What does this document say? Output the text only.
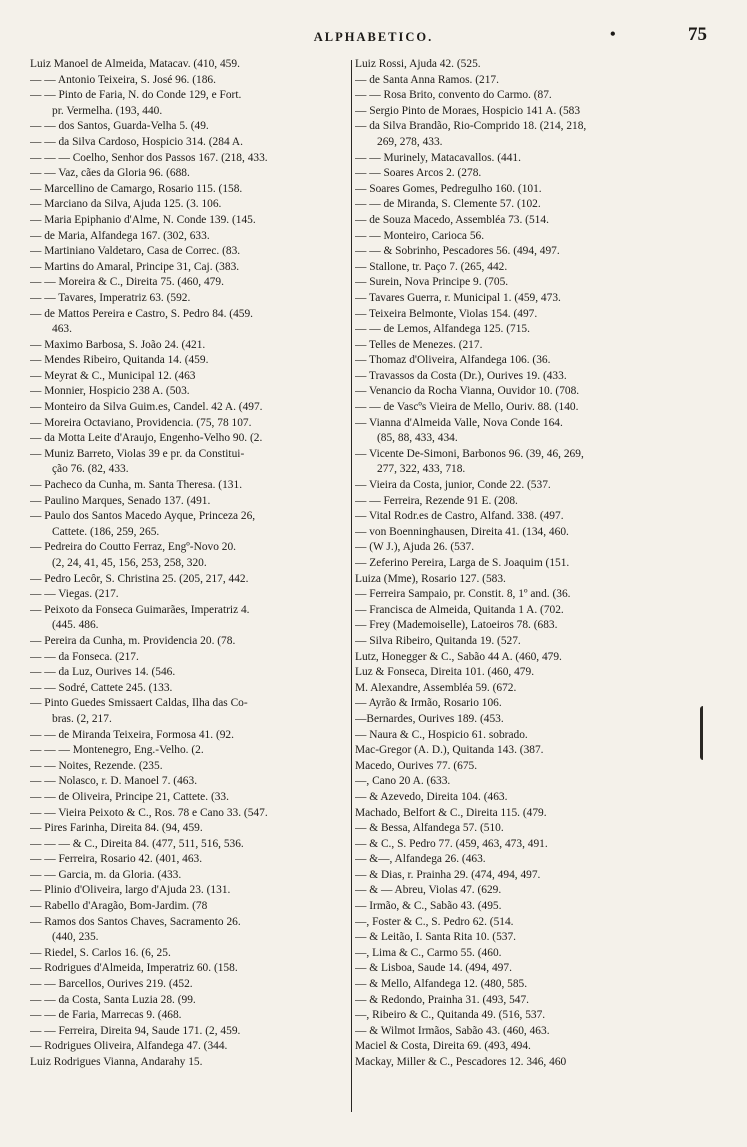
ALPHABETICO.	•	75
Luiz Manoel de Almeida, Matacav. (410, 459.
— — Antonio Teixeira, S. José 96. (186.
— — Pinto de Faria, N. do Conde 129, e Fort.
pr. Vermelha. (193, 440.
— — dos Santos, Guarda-Velha 5. (49.
— — da Silva Cardoso, Hospicio 314. (284 A.
— — — Coelho, Senhor dos Passos 167. (218, 433.
— — Vaz, cães da Gloria 96. (688.
— Marcellino de Camargo, Rosario 115. (158.
— Marciano da Silva, Ajuda 125. (3. 106.
— Maria Epiphanio d'Alme, N. Conde 139. (145.
— de Maria, Alfandega 167. (302, 633.
— Martiniano Valdetaro, Casa de Correc. (83.
— Martins do Amaral, Principe 31, Caj. (383.
— — Moreira & C., Direita 75. (460, 479.
— — Tavares, Imperatriz 63. (592.
— de Mattos Pereira e Castro, S. Pedro 84. (459.
463.
— Maximo Barbosa, S. João 24. (421.
— Mendes Ribeiro, Quitanda 14. (459.
— Meyrat & C., Municipal 12. (463
— Monnier, Hospicio 238 A. (503.
— Monteiro da Silva Guim.es, Candel. 42 A. (497.
— Moreira Octaviano, Providencia. (75, 78 107.
— da Motta Leite d'Araujo, Engenho-Velho 90. (2.
— Muniz Barreto, Violas 39 e pr. da Constitui-
ção 76. (82, 433.
— Pacheco da Cunha, m. Santa Theresa. (131.
— Paulino Marques, Senado 137. (491.
— Paulo dos Santos Macedo Ayque, Princeza 26,
Cattete. (186, 259, 265.
— Pedreira do Coutto Ferraz, Engº-Novo 20.
(2, 24, 41, 45, 156, 253, 258, 320.
— Pedro Lecôr, S. Christina 25. (205, 217, 442.
— — Viegas. (217.
— Peixoto da Fonseca Guimarães, Imperatriz 4.
(445. 486.
— Pereira da Cunha, m. Providencia 20. (78.
— — da Fonseca. (217.
— — da Luz, Ourives 14. (546.
— — Sodré, Cattete 245. (133.
— Pinto Guedes Smissaert Caldas, Ilha das Co-
bras. (2, 217.
— — de Miranda Teixeira, Formosa 41. (92.
— — — Montenegro, Eng.-Velho. (2.
— — Noites, Rezende. (235.
— — Nolasco, r. D. Manoel 7. (463.
— — de Oliveira, Principe 21, Cattete. (33.
— — Vieira Peixoto & C., Ros. 78 e Cano 33. (547.
— Pires Farinha, Direita 84. (94, 459.
— — — & C., Direita 84. (477, 511, 516, 536.
— — Ferreira, Rosario 42. (401, 463.
— — Garcia, m. da Gloria. (433.
— Plinio d'Oliveira, largo d'Ajuda 23. (131.
— Rabello d'Aragão, Bom-Jardim. (78
— Ramos dos Santos Chaves, Sacramento 26.
(440, 235.
— Riedel, S. Carlos 16. (6, 25.
— Rodrigues d'Almeida, Imperatriz 60. (158.
— — Barcellos, Ourives 219. (452.
— — da Costa, Santa Luzia 28. (99.
— — de Faria, Marrecas 9. (468.
— — Ferreira, Direita 94, Saude 171. (2, 459.
— Rodrigues Oliveira, Alfandega 47. (344.
Luiz Rodrigues Vianna, Andarahy 15.
Luiz Rossi, Ajuda 42. (525.
— de Santa Anna Ramos. (217.
— — Rosa Brito, convento do Carmo. (87.
— Sergio Pinto de Moraes, Hospicio 141 A. (583
— da Silva Brandão, Rio-Comprido 18. (214, 218,
269, 278, 433.
— — Murinely, Matacavallos. (441.
— — Soares Arcos 2. (278.
— Soares Gomes, Pedregulho 160. (101.
— — de Miranda, S. Clemente 57. (102.
— de Souza Macedo, Assembléa 73. (514.
— — Monteiro, Carioca 56.
— — & Sobrinho, Pescadores 56. (494, 497.
— Stallone, tr. Paço 7. (265, 442.
— Surein, Nova Principe 9. (705.
— Tavares Guerra, r. Municipal 1. (459, 473.
— Teixeira Belmonte, Violas 154. (497.
— — de Lemos, Alfandega 125. (715.
— Telles de Menezes. (217.
— Thomaz d'Oliveira, Alfandega 106. (36.
— Travassos da Costa (Dr.), Ourives 19. (433.
— Venancio da Rocha Vianna, Ouvidor 10. (708.
— — de Vascºs Vieira de Mello, Ouriv. 88. (140.
— Vianna d'Almeida Valle, Nova Conde 164.
(85, 88, 433, 434.
— Vicente De-Simoni, Barbonos 96. (39, 46, 269,
277, 322, 433, 718.
— Vieira da Costa, junior, Conde 22. (537.
— — Ferreira, Rezende 91 E. (208.
— Vital Rodr.es de Castro, Alfand. 338. (497.
— von Boenninghausen, Direita 41. (134, 460.
— (W J.), Ajuda 26. (537.
— Zeferino Pereira, Larga de S. Joaquim (151.
Luiza (Mme), Rosario 127. (583.
— Ferreira Sampaio, pr. Constit. 8, 1º and. (36.
— Francisca de Almeida, Quitanda 1 A. (702.
— Frey (Mademoiselle), Latoeiros 78. (683.
— Silva Ribeiro, Quitanda 19. (527.
Lutz, Honegger & C., Sabão 44 A. (460, 479.
Luz & Fonseca, Direita 101. (460, 479.
M. Alexandre, Assembléa 59. (672.
— Ayrão & Irmão, Rosario 106.
—Bernardes, Ourives 189. (453.
— Naura & C., Hospicio 61. sobrado.
Mac-Gregor (A. D.), Quitanda 143. (387.
Macedo, Ourives 77. (675.
—, Cano 20 A. (633.
— & Azevedo, Direita 104. (463.
Machado, Belfort & C., Direita 115. (479.
— & Bessa, Alfandega 57. (510.
— & C., S. Pedro 77. (459, 463, 473, 491.
— &—, Alfandega 26. (463.
— & Dias, r. Prainha 29. (474, 494, 497.
— & — Abreu, Violas 47. (629.
— Irmão, & C., Sabão 43. (495.
—, Foster & C., S. Pedro 62. (514.
— & Leitão, I. Santa Rita 10. (537.
—, Lima & C., Carmo 55. (460.
— & Lisboa, Saude 14. (494, 497.
— & Mello, Alfandega 12. (480, 585.
— & Redondo, Prainha 31. (493, 547.
—, Ribeiro & C., Quitanda 49. (516, 537.
— & Wilmot Irmãos, Sabão 43. (460, 463.
Maciel & Costa, Direita 69. (493, 494.
Mackay, Miller & C., Pescadores 12. 346, 460
